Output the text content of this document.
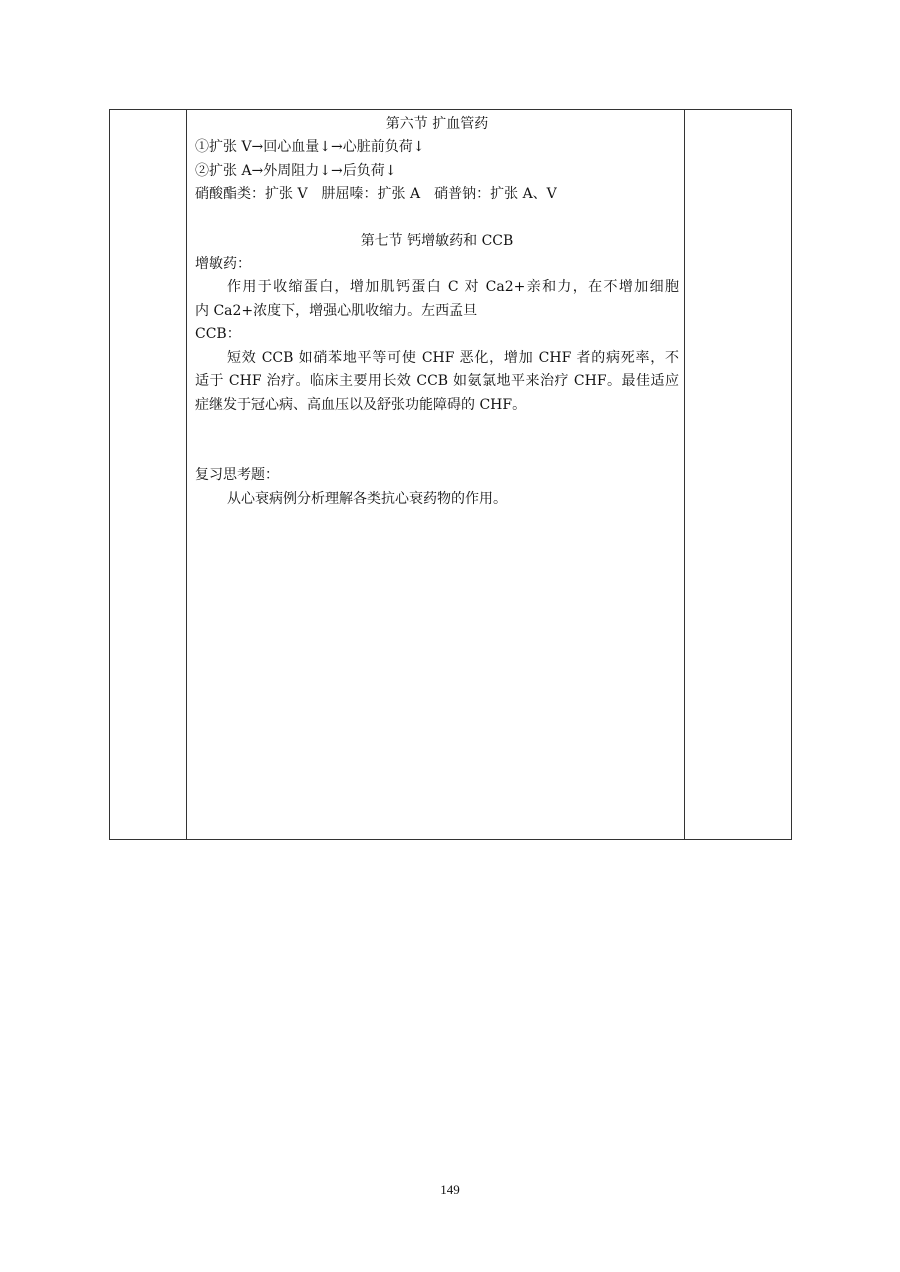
第六节 扩血管药
①扩张 V→回心血量↓→心脏前负荷↓
②扩张 A→外周阻力↓→后负荷↓
硝酸酯类：扩张 V　肼屈嗪：扩张 A　硝普钠：扩张 A、V
第七节 钙增敏药和 CCB
增敏药：
作用于收缩蛋白，增加肌钙蛋白 C 对 Ca2+亲和力，在不增加细胞
内 Ca2+浓度下，增强心肌收缩力。左西孟旦
CCB：
短效 CCB 如硝苯地平等可使 CHF 恶化，增加 CHF 者的病死率，不
适于 CHF 治疗。临床主要用长效 CCB 如氨氯地平来治疗 CHF。最佳适应
症继发于冠心病、高血压以及舒张功能障碍的 CHF。
复习思考题：
从心衰病例分析理解各类抗心衰药物的作用。
149
